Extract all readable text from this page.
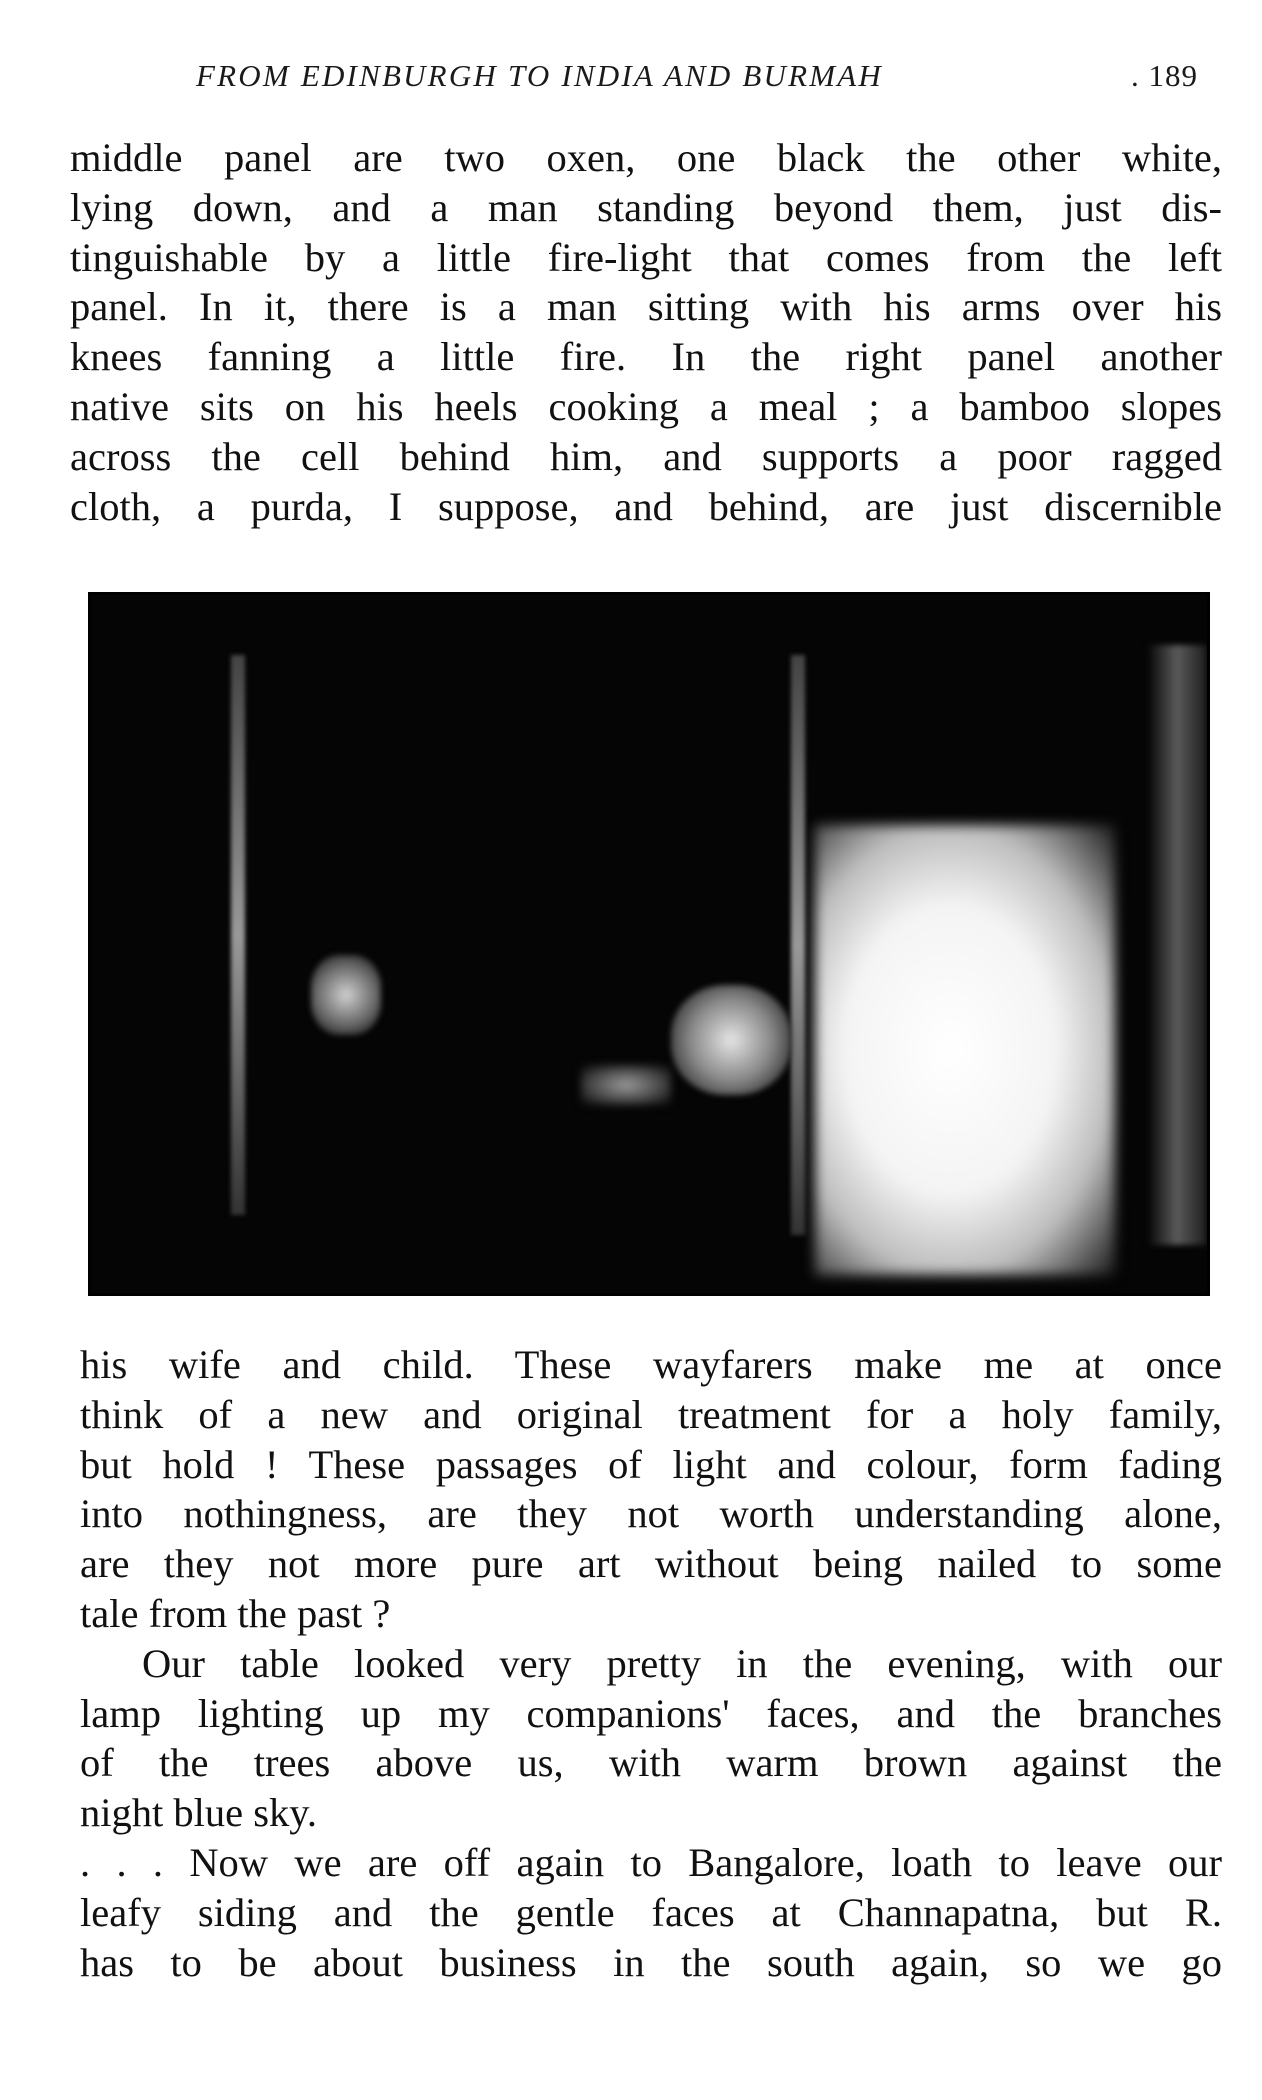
FROM EDINBURGH TO INDIA AND BURMAH	. 189
middle panel are two oxen, one black the other white,
lying down, and a man standing beyond them, just dis-
tinguishable by a little fire-light that comes from the left
panel. In it, there is a man sitting with his arms over his
knees fanning a little fire. In the right panel another
native sits on his heels cooking a meal ; a bamboo slopes
across the cell behind him, and supports a poor ragged
cloth, a purda, I suppose, and behind, are just discernible
his wife and child. These wayfarers make me at once
think of a new and original treatment for a holy family,
but hold ! These passages of light and colour, form fading
into nothingness, are they not worth understanding alone,
are they not more pure art without being nailed to some
tale from the past ?
Our table looked very pretty in the evening, with our
lamp lighting up my companions' faces, and the branches
of the trees above us, with warm brown against the
night blue sky.
. . . Now we are off again to Bangalore, loath to leave our
leafy siding and the gentle faces at Channapatna, but R.
has to be about business in the south again, so we go
